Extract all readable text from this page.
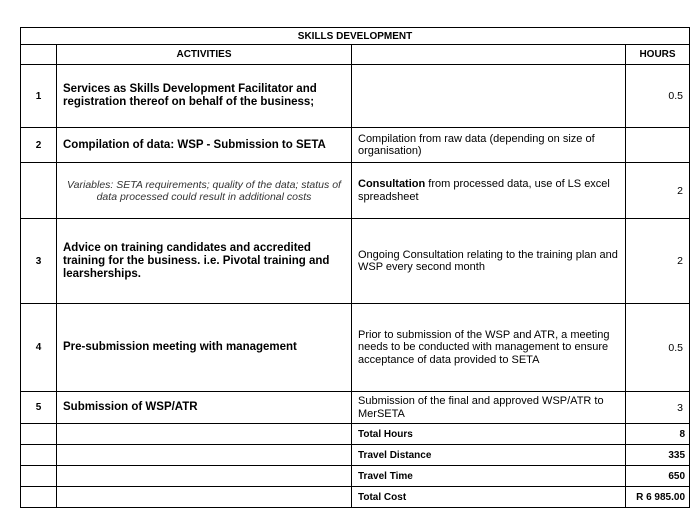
SKILLS DEVELOPMENT			
	ACTIVITIES		HOURS
1	Services as Skills Development Facilitator and registration thereof on behalf of the business;		0.5
2	Compilation of data: WSP - Submission to SETA	Compilation from raw data (depending on size of organisation)	
	Variables: SETA requirements; quality of the data; status of data processed could result in additional costs	Consultation from processed data, use of LS excel spreadsheet	2
3	Advice on training candidates and accredited training for the business. i.e. Pivotal training and learsherships.	Ongoing Consultation relating to the training plan and WSP every second month	2
4	Pre-submission meeting with management	Prior to submission of the WSP and ATR, a meeting needs to be conducted with management to ensure acceptance of data provided to SETA	0.5
5	Submission of WSP/ATR	Submission of the final and approved WSP/ATR to MerSETA	3
		Total Hours	8
		Travel Distance	335
		Travel Time	650
		Total Cost	R 6 985.00
